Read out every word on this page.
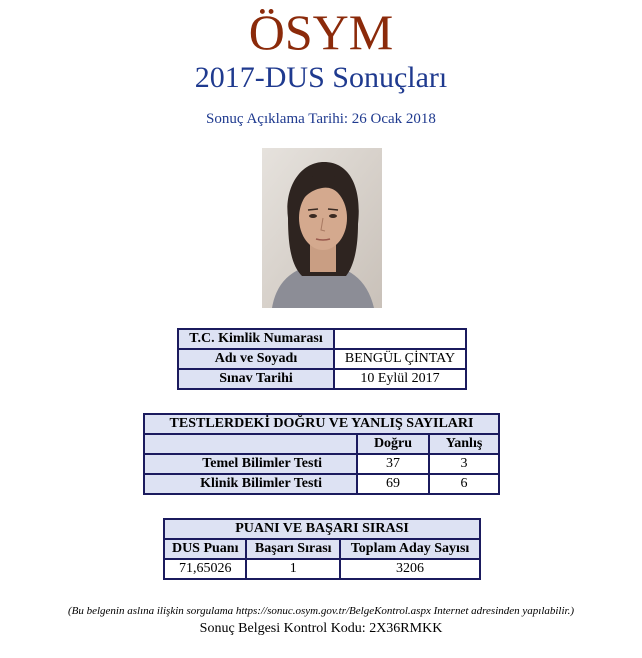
ÖSYM
2017-DUS Sonuçları
Sonuç Açıklama Tarihi: 26 Ocak 2018
T.C. Kimlik Numarası	
Adı ve Soyadı	BENGÜL ÇİNTAY
Sınav Tarihi	10 Eylül 2017
TESTLERDEKİ DOĞRU VE YANLIŞ SAYILARI		
	Doğru	Yanlış
Temel Bilimler Testi	37	3
Klinik Bilimler Testi	69	6
PUANI VE BAŞARI SIRASI		
DUS Puanı	Başarı Sırası	Toplam Aday Sayısı
71,65026	1	3206
(Bu belgenin aslına ilişkin sorgulama https://sonuc.osym.gov.tr/BelgeKontrol.aspx Internet adresinden yapılabilir.)
Sonuç Belgesi Kontrol Kodu: 2X36RMKK
